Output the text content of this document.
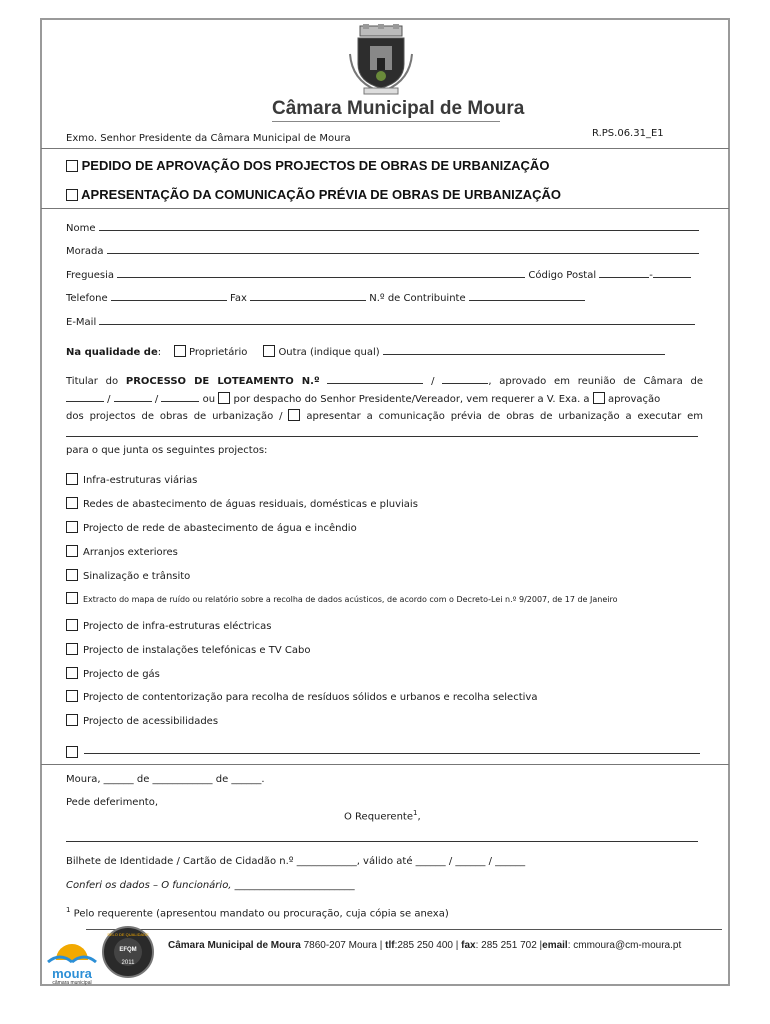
Câmara Municipal de Moura
Exmo. Senhor Presidente da Câmara Municipal de Moura	R.PS.06.31_E1
PEDIDO DE APROVAÇÃO DOS PROJECTOS DE OBRAS DE URBANIZAÇÃO
APRESENTAÇÃO DA COMUNICAÇÃO PRÉVIA DE OBRAS DE URBANIZAÇÃO
Nome
Morada
Freguesia	Código Postal	-
Telefone	Fax	N.º de Contribuinte
E-Mail
Na qualidade de:	Proprietário	Outra (indique qual)
Titular do PROCESSO DE LOTEAMENTO N.º	/	, aprovado em reunião de Câmara de
/	/	ou por despacho do Senhor Presidente/Vereador, vem requerer a V. Exa. a aprovação
dos projectos de obras de urbanização / apresentar a comunicação prévia de obras de urbanização a executar em
para o que junta os seguintes projectos:
Infra-estruturas viárias
Redes de abastecimento de águas residuais, domésticas e pluviais
Projecto de rede de abastecimento de água e incêndio
Arranjos exteriores
Sinalização e trânsito
Extracto do mapa de ruído ou relatório sobre a recolha de dados acústicos, de acordo com o Decreto-Lei n.º 9/2007, de 17 de Janeiro
Projecto de infra-estruturas eléctricas
Projecto de instalações telefónicas e TV Cabo
Projecto de gás
Projecto de contentorização para recolha de resíduos sólidos e urbanos e recolha selectiva
Projecto de acessibilidades
Moura, ______ de ____________ de ______.
Pede deferimento,
O Requerente$^1$,
Bilhete de Identidade / Cartão de Cidadão n.º ____________, válido até ______ / ______ / ______
Conferi os dados – O funcionário, ________________________
$^1$ Pelo requerente (apresentou mandato ou procuração, cuja cópia se anexa)
moura
câmara municipal
SELO DE QUALIDADE
EFQM
2011
Câmara Municipal de Moura 7860-207 Moura | tlf:285 250 400 | fax: 285 251 702 |email: cmmoura@cm-moura.pt
